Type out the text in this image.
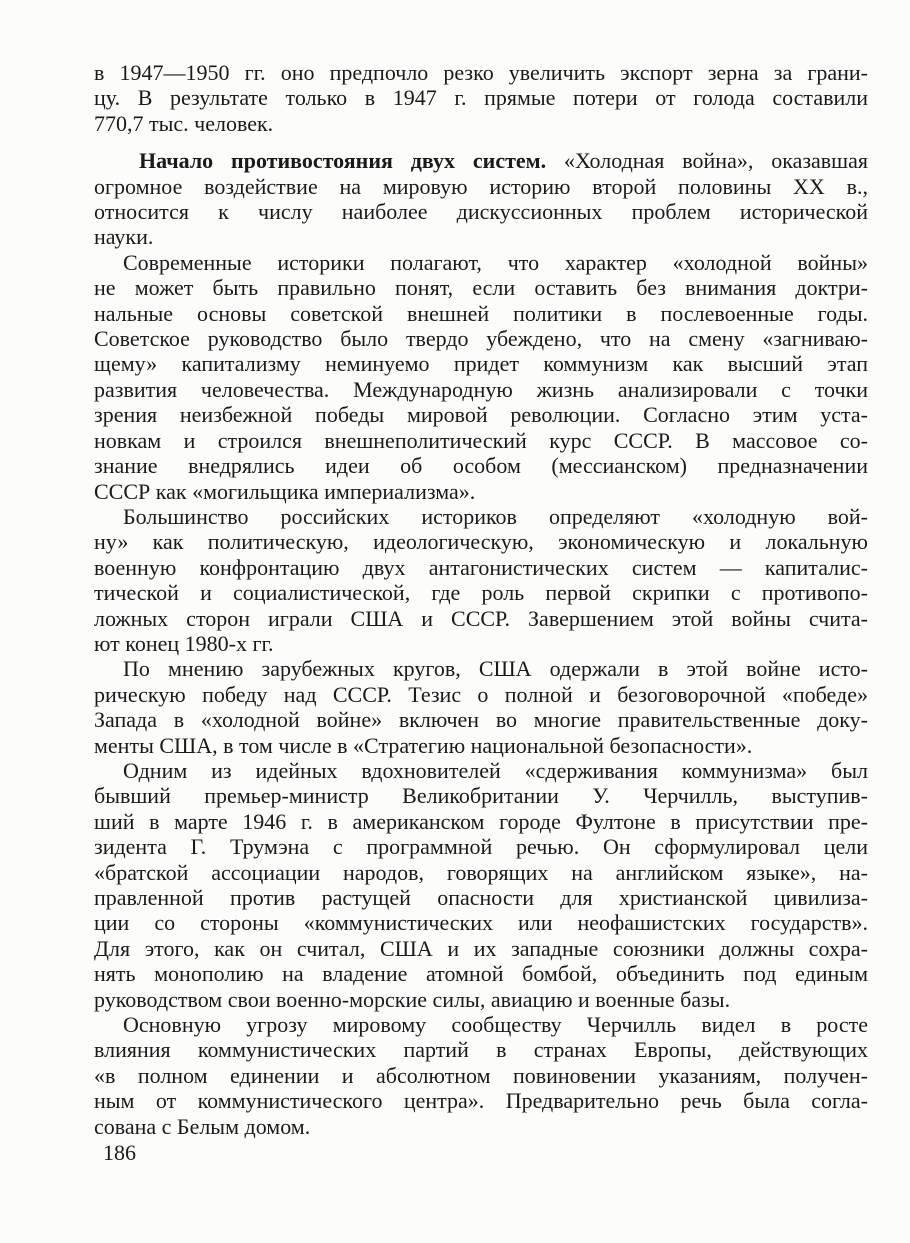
в 1947—1950 гг. оно предпочло резко увеличить экспорт зерна за грани-
цу. В результате только в 1947 г. прямые потери от голода составили
770,7 тыс. человек.
Начало противостояния двух систем. «Холодная война», оказавшая
огромное воздействие на мировую историю второй половины XX в.,
относится к числу наиболее дискуссионных проблем исторической
науки.
Современные историки полагают, что характер «холодной войны»
не может быть правильно понят, если оставить без внимания доктри-
нальные основы советской внешней политики в послевоенные годы.
Советское руководство было твердо убеждено, что на смену «загниваю-
щему» капитализму неминуемо придет коммунизм как высший этап
развития человечества. Международную жизнь анализировали с точки
зрения неизбежной победы мировой революции. Согласно этим уста-
новкам и строился внешнеполитический курс СССР. В массовое со-
знание внедрялись идеи об особом (мессианском) предназначении
СССР как «могильщика империализма».
Большинство российских историков определяют «холодную вой-
ну» как политическую, идеологическую, экономическую и локальную
военную конфронтацию двух антагонистических систем — капиталис-
тической и социалистической, где роль первой скрипки с противопо-
ложных сторон играли США и СССР. Завершением этой войны счита-
ют конец 1980-х гг.
По мнению зарубежных кругов, США одержали в этой войне исто-
рическую победу над СССР. Тезис о полной и безоговорочной «победе»
Запада в «холодной войне» включен во многие правительственные доку-
менты США, в том числе в «Стратегию национальной безопасности».
Одним из идейных вдохновителей «сдерживания коммунизма» был
бывший премьер-министр Великобритании У. Черчилль, выступив-
ший в марте 1946 г. в американском городе Фултоне в присутствии пре-
зидента Г. Трумэна с программной речью. Он сформулировал цели
«братской ассоциации народов, говорящих на английском языке», на-
правленной против растущей опасности для христианской цивилиза-
ции со стороны «коммунистических или неофашистских государств».
Для этого, как он считал, США и их западные союзники должны сохра-
нять монополию на владение атомной бомбой, объединить под единым
руководством свои военно-морские силы, авиацию и военные базы.
Основную угрозу мировому сообществу Черчилль видел в росте
влияния коммунистических партий в странах Европы, действующих
«в полном единении и абсолютном повиновении указаниям, получен-
ным от коммунистического центра». Предварительно речь была согла-
сована с Белым домом.
186
